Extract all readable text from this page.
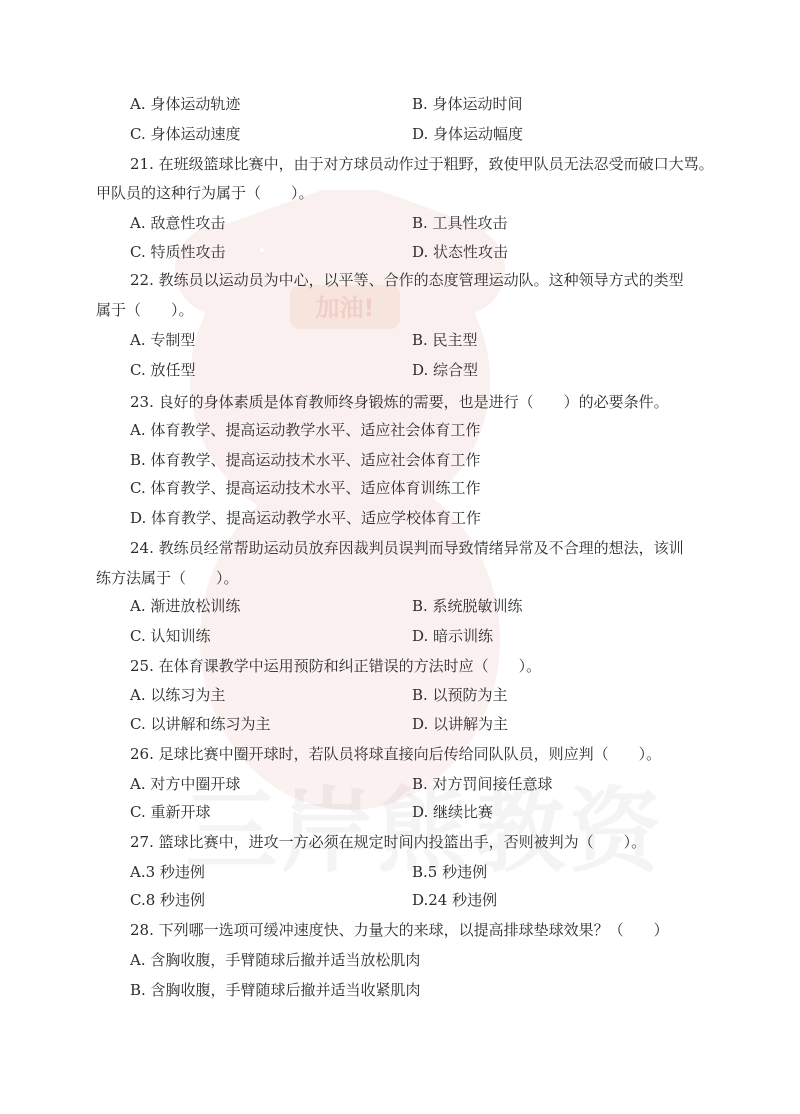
加油!
A. 身体运动轨迹	B. 身体运动时间
C. 身体运动速度	D. 身体运动幅度
21. 在班级篮球比赛中，由于对方球员动作过于粗野，致使甲队员无法忍受而破口大骂。
甲队员的这种行为属于（　　）。
A. 敌意性攻击	B. 工具性攻击
C. 特质性攻击	D. 状态性攻击
22. 教练员以运动员为中心，以平等、合作的态度管理运动队。这种领导方式的类型
属于（　　）。
A. 专制型	B. 民主型
C. 放任型	D. 综合型
23. 良好的身体素质是体育教师终身锻炼的需要，也是进行（　　）的必要条件。
A. 体育教学、提高运动教学水平、适应社会体育工作
B. 体育教学、提高运动技术水平、适应社会体育工作
C. 体育教学、提高运动技术水平、适应体育训练工作
D. 体育教学、提高运动教学水平、适应学校体育工作
24. 教练员经常帮助运动员放弃因裁判员误判而导致情绪异常及不合理的想法，该训
练方法属于（　　）。
A. 渐进放松训练	B. 系统脱敏训练
C. 认知训练	D. 暗示训练
25. 在体育课教学中运用预防和纠正错误的方法时应（　　）。
A. 以练习为主	B. 以预防为主
C. 以讲解和练习为主	D. 以讲解为主
26. 足球比赛中圈开球时，若队员将球直接向后传给同队队员，则应判（　　）。
A. 对方中圈开球	B. 对方罚间接任意球
C. 重新开球	D. 继续比赛
27. 篮球比赛中，进攻一方必须在规定时间内投篮出手，否则被判为（　　）。
A.3 秒违例	B.5 秒违例
C.8 秒违例	D.24 秒违例
28. 下列哪一选项可缓冲速度快、力量大的来球，以提高排球垫球效果？（　　）
A. 含胸收腹，手臂随球后撤并适当放松肌肉
B. 含胸收腹，手臂随球后撤并适当收紧肌肉
